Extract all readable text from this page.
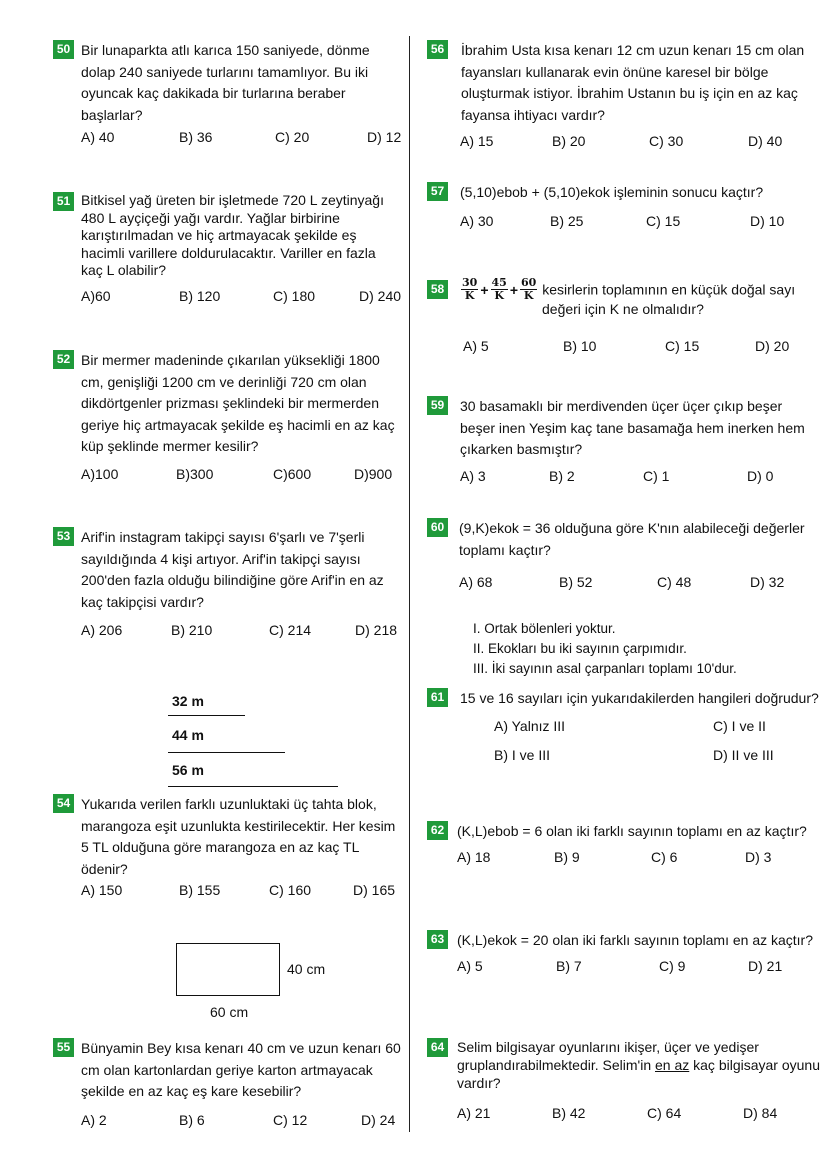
50 Bir lunaparkta atlı karıca 150 saniyede, dönme
dolap 240 saniyede turlarını tamamlıyor. Bu iki
oyuncak kaç dakikada bir turlarına beraber
başlarlar?
A) 40	B) 36	C) 20	D) 12
51 Bitkisel yağ üreten bir işletmede 720 L zeytinyağı
480 L ayçiçeği yağı vardır. Yağlar birbirine
karıştırılmadan ve hiç artmayacak şekilde eş
hacimli varillere doldurulacaktır. Variller en fazla
kaç L olabilir?
A)60	B) 120	C) 180	D) 240
52 Bir mermer madeninde çıkarılan yüksekliği 1800
cm, genişliği 1200 cm ve derinliği 720 cm olan
dikdörtgenler prizması şeklindeki bir mermerden
geriye hiç artmayacak şekilde eş hacimli en az kaç
küp şeklinde mermer kesilir?
A)100	B)300	C)600	D)900
53 Arif'in instagram takipçi sayısı 6'şarlı ve 7'şerli
sayıldığında 4 kişi artıyor. Arif'in takipçi sayısı
200'den fazla olduğu bilindiğine göre Arif'in en az
kaç takipçisi vardır?
A) 206	B) 210	C) 214	D) 218
32 m
44 m
56 m
54 Yukarıda verilen farklı uzunluktaki üç tahta blok,
marangoza eşit uzunlukta kestirilecektir. Her kesim
5 TL olduğuna göre marangoza en az kaç TL
ödenir?
A) 150	B) 155	C) 160	D) 165
40 cm
60 cm
55 Bünyamin Bey kısa kenarı 40 cm ve uzun kenarı 60
cm olan kartonlardan geriye karton artmayacak
şekilde en az kaç eş kare kesebilir?
A) 2	B) 6	C) 12	D) 24
56 İbrahim Usta kısa kenarı 12 cm uzun kenarı 15 cm olan
fayansları kullanarak evin önüne karesel bir bölge
oluşturmak istiyor. İbrahim Ustanın bu iş için en az kaç
fayansa ihtiyacı vardır?
A) 15	B) 20	C) 30	D) 40
57 (5,10)ebob + (5,10)ekok işleminin sonucu kaçtır?
A) 30	B) 25	C) 15	D) 10
58	$\frac{30}{K} + \frac{45}{K} + \frac{60}{K}$ kesirlerin toplamının en küçük doğal sayı
değeri için K ne olmalıdır?
A) 5	B) 10	C) 15	D) 20
59 30 basamaklı bir merdivenden üçer üçer çıkıp beşer
beşer inen Yeşim kaç tane basamağa hem inerken hem
çıkarken basmıştır?
A) 3	B) 2	C) 1	D) 0
60 (9,K)ekok = 36 olduğuna göre K'nın alabileceği değerler
toplamı kaçtır?
A) 68	B) 52	C) 48	D) 32
I. Ortak bölenleri yoktur.
II. Ekokları bu iki sayının çarpımıdır.
III. İki sayının asal çarpanları toplamı 10'dur.
61 15 ve 16 sayıları için yukarıdakilerden hangileri doğrudur?
A) Yalnız III	C) I ve II
B) I ve III	D) II ve III
62 (K,L)ebob = 6 olan iki farklı sayının toplamı en az kaçtır?
A) 18	B) 9	C) 6	D) 3
63 (K,L)ekok = 20 olan iki farklı sayının toplamı en az kaçtır?
A) 5	B) 7	C) 9	D) 21
64 Selim bilgisayar oyunlarını ikişer, üçer ve yedişer
gruplandırabilmektedir. Selim'in en az kaç bilgisayar oyunu
vardır?
A) 21	B) 42	C) 64	D) 84
